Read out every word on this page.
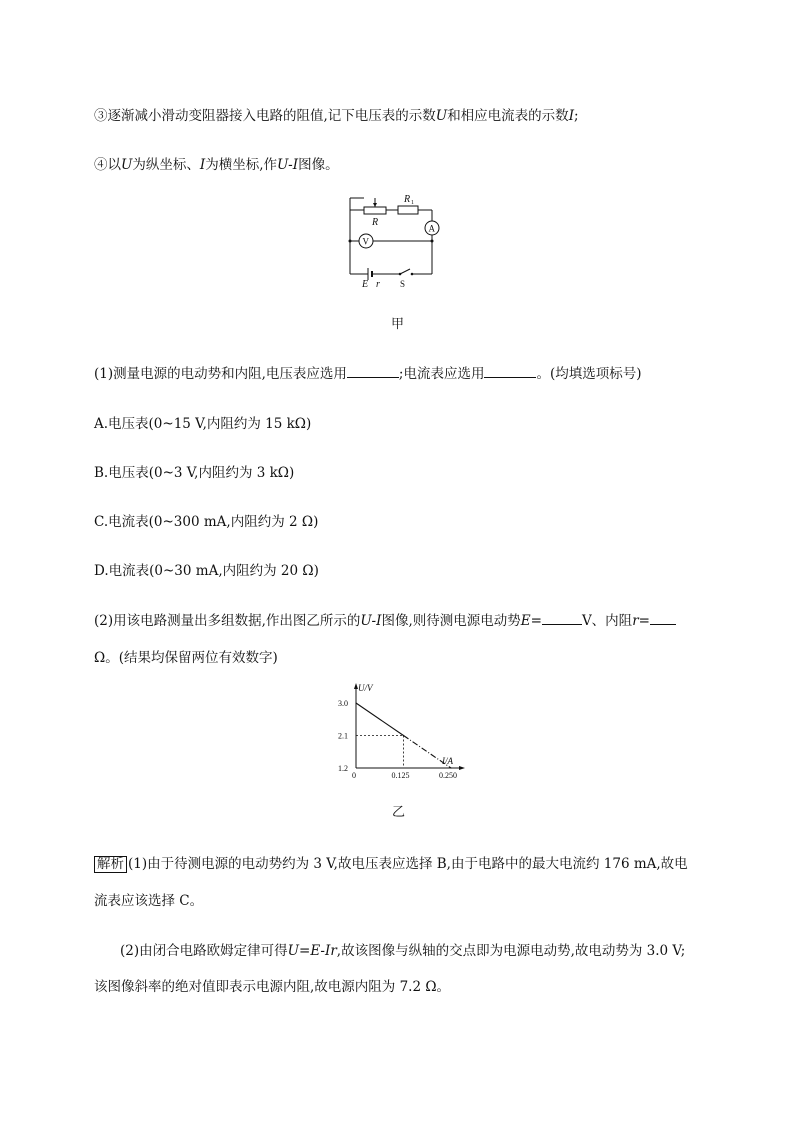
③逐渐减小滑动变阻器接入电路的阻值,记下电压表的示数U和相应电流表的示数I;
④以U为纵坐标、I为横坐标,作U-I图像。
R
R 1
A
V
E r S
甲
(1)测量电源的电动势和内阻,电压表应选用	;电流表应选用	。(均填选项标号)
A.电压表(0~15 V,内阻约为 15 kΩ)
B.电压表(0~3 V,内阻约为 3 kΩ)
C.电流表(0~300 mA,内阻约为 2 Ω)
D.电流表(0~30 mA,内阻约为 20 Ω)
(2)用该电路测量出多组数据,作出图乙所示的U-I图像,则待测电源电动势E=	V、内阻r=
Ω。(结果均保留两位有效数字)
1.2
2.1
3.0
0.125	0.250
U/V
I/A
0
乙
解析 (1)由于待测电源的电动势约为 3 V,故电压表应选择 B,由于电路中的最大电流约 176 mA,故电
流表应该选择 C。
(2)由闭合电路欧姆定律可得U=E-Ir,故该图像与纵轴的交点即为电源电动势,故电动势为 3.0 V;
该图像斜率的绝对值即表示电源内阻,故电源内阻为 7.2 Ω。
